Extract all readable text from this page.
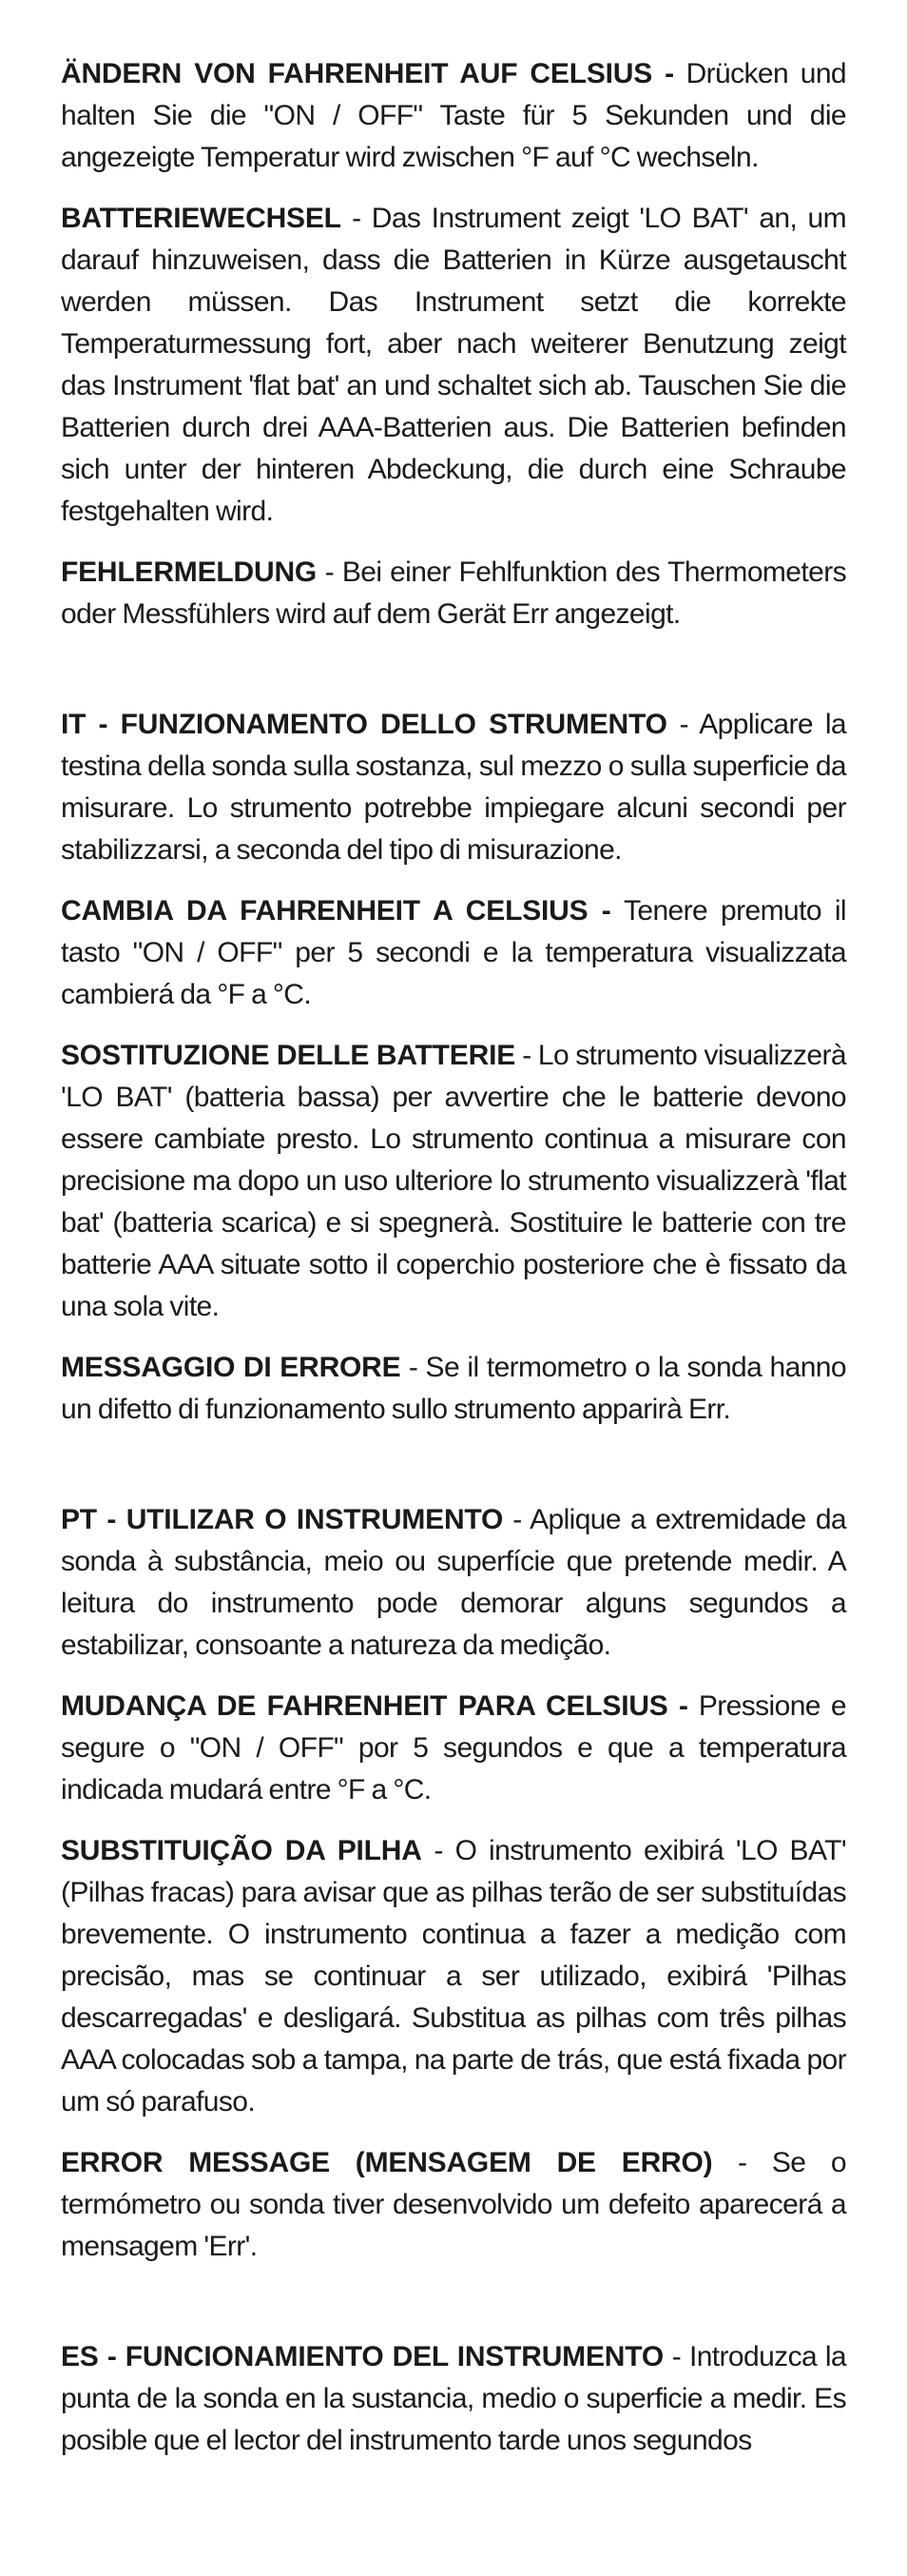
ÄNDERN VON FAHRENHEIT AUF CELSIUS - Drücken und halten Sie die "ON / OFF" Taste für 5 Sekunden und die angezeigte Temperatur wird zwischen °F auf °C wechseln.

BATTERIEWECHSEL - Das Instrument zeigt 'LO BAT' an, um darauf hinzuweisen, dass die Batterien in Kürze ausgetauscht werden müssen. Das Instrument setzt die korrekte Temperaturmessung fort, aber nach weiterer Benutzung zeigt das Instrument 'flat bat' an und schaltet sich ab. Tauschen Sie die Batterien durch drei AAA-Batterien aus. Die Batterien befinden sich unter der hinteren Abdeckung, die durch eine Schraube festgehalten wird.

FEHLERMELDUNG - Bei einer Fehlfunktion des Thermometers oder Messfühlers wird auf dem Gerät Err angezeigt.

IT - FUNZIONAMENTO DELLO STRUMENTO - Applicare la testina della sonda sulla sostanza, sul mezzo o sulla superficie da misurare. Lo strumento potrebbe impiegare alcuni secondi per stabilizzarsi, a seconda del tipo di misurazione.

CAMBIA DA FAHRENHEIT A CELSIUS - Tenere premuto il tasto "ON / OFF" per 5 secondi e la temperatura visualizzata cambierá da °F a °C.

SOSTITUZIONE DELLE BATTERIE - Lo strumento visualizzerà 'LO BAT' (batteria bassa) per avvertire che le batterie devono essere cambiate presto. Lo strumento continua a misurare con precisione ma dopo un uso ulteriore lo strumento visualizzerà 'flat bat' (batteria scarica) e si spegnerà. Sostituire le batterie con tre batterie AAA situate sotto il coperchio posteriore che è fissato da una sola vite.

MESSAGGIO DI ERRORE - Se il termometro o la sonda hanno un difetto di funzionamento sullo strumento apparirà Err.

PT - UTILIZAR O INSTRUMENTO - Aplique a extremidade da sonda à substância, meio ou superfície que pretende medir. A leitura do instrumento pode demorar alguns segundos a estabilizar, consoante a natureza da medição.

MUDANÇA DE FAHRENHEIT PARA CELSIUS - Pressione e segure o "ON / OFF" por 5 segundos e que a temperatura indicada mudará entre °F a °C.

SUBSTITUIÇÃO DA PILHA - O instrumento exibirá 'LO BAT' (Pilhas fracas) para avisar que as pilhas terão de ser substituídas brevemente. O instrumento continua a fazer a medição com precisão, mas se continuar a ser utilizado, exibirá 'Pilhas descarregadas' e desligará. Substitua as pilhas com três pilhas AAA colocadas sob a tampa, na parte de trás, que está fixada por um só parafuso.

ERROR MESSAGE (MENSAGEM DE ERRO) - Se o termómetro ou sonda tiver desenvolvido um defeito aparecerá a mensagem 'Err'.

ES - FUNCIONAMIENTO DEL INSTRUMENTO - Introduzca la punta de la sonda en la sustancia, medio o superficie a medir. Es posible que el lector del instrumento tarde unos segundos
